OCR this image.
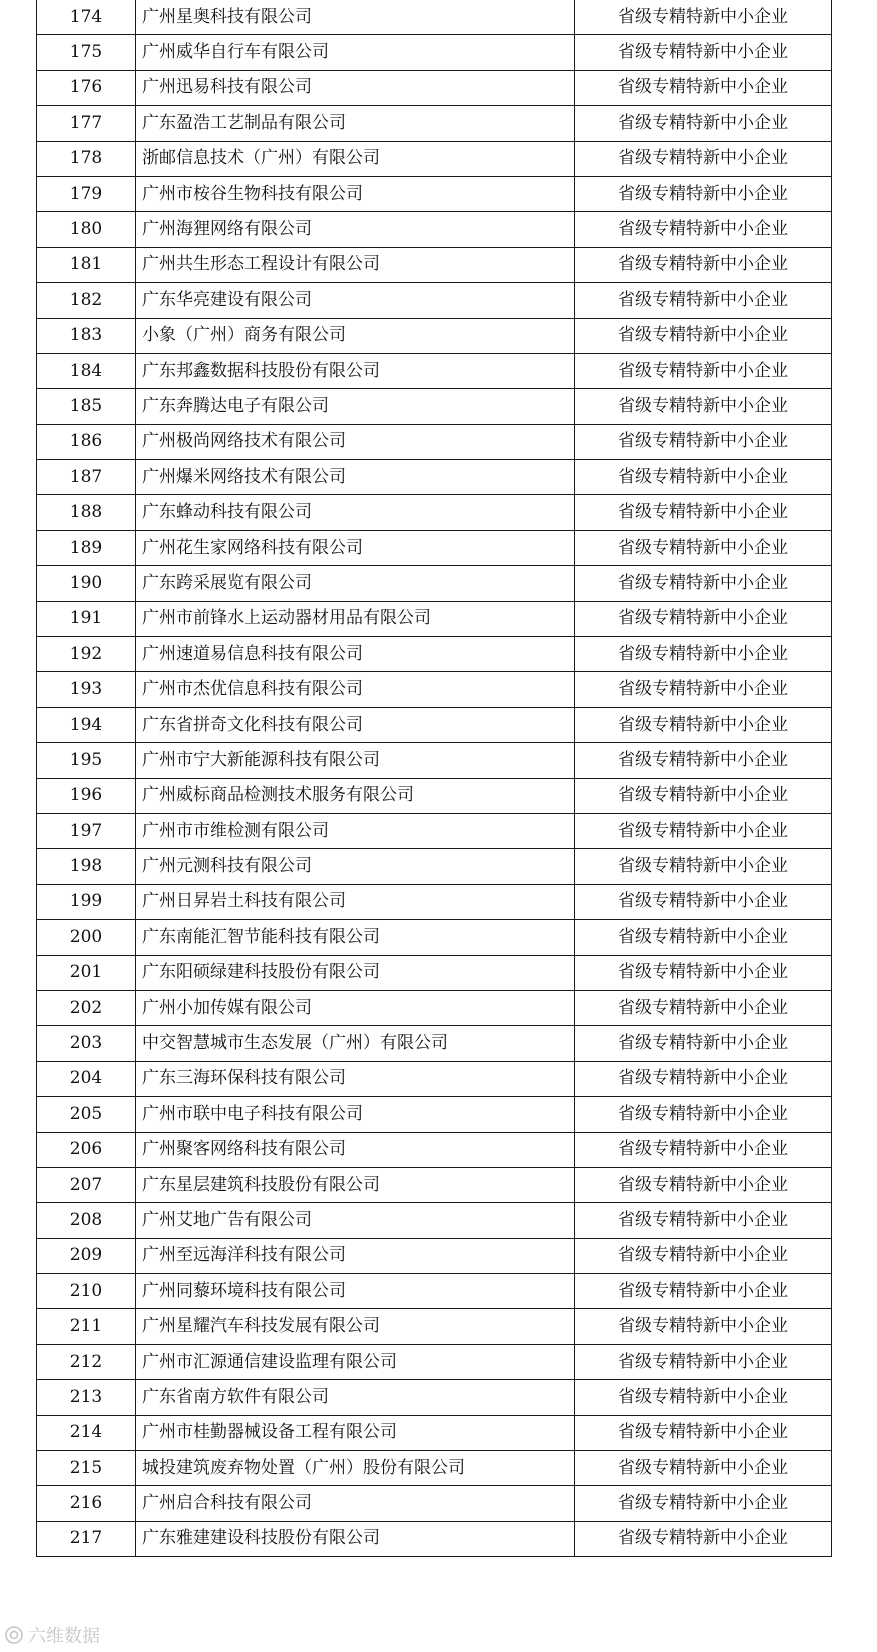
174	广州星奥科技有限公司	省级专精特新中小企业
175	广州威华自行车有限公司	省级专精特新中小企业
176	广州迅易科技有限公司	省级专精特新中小企业
177	广东盈浩工艺制品有限公司	省级专精特新中小企业
178	浙邮信息技术（广州）有限公司	省级专精特新中小企业
179	广州市桉谷生物科技有限公司	省级专精特新中小企业
180	广州海狸网络有限公司	省级专精特新中小企业
181	广州共生形态工程设计有限公司	省级专精特新中小企业
182	广东华亮建设有限公司	省级专精特新中小企业
183	小象（广州）商务有限公司	省级专精特新中小企业
184	广东邦鑫数据科技股份有限公司	省级专精特新中小企业
185	广东奔腾达电子有限公司	省级专精特新中小企业
186	广州极尚网络技术有限公司	省级专精特新中小企业
187	广州爆米网络技术有限公司	省级专精特新中小企业
188	广东蜂动科技有限公司	省级专精特新中小企业
189	广州花生家网络科技有限公司	省级专精特新中小企业
190	广东跨采展览有限公司	省级专精特新中小企业
191	广州市前锋水上运动器材用品有限公司	省级专精特新中小企业
192	广州速道易信息科技有限公司	省级专精特新中小企业
193	广州市杰优信息科技有限公司	省级专精特新中小企业
194	广东省拼奇文化科技有限公司	省级专精特新中小企业
195	广州市宁大新能源科技有限公司	省级专精特新中小企业
196	广州威标商品检测技术服务有限公司	省级专精特新中小企业
197	广州市市维检测有限公司	省级专精特新中小企业
198	广州元测科技有限公司	省级专精特新中小企业
199	广州日昇岩土科技有限公司	省级专精特新中小企业
200	广东南能汇智节能科技有限公司	省级专精特新中小企业
201	广东阳硕绿建科技股份有限公司	省级专精特新中小企业
202	广州小加传媒有限公司	省级专精特新中小企业
203	中交智慧城市生态发展（广州）有限公司	省级专精特新中小企业
204	广东三海环保科技有限公司	省级专精特新中小企业
205	广州市联中电子科技有限公司	省级专精特新中小企业
206	广州聚客网络科技有限公司	省级专精特新中小企业
207	广东星层建筑科技股份有限公司	省级专精特新中小企业
208	广州艾地广告有限公司	省级专精特新中小企业
209	广州至远海洋科技有限公司	省级专精特新中小企业
210	广州同藜环境科技有限公司	省级专精特新中小企业
211	广州星耀汽车科技发展有限公司	省级专精特新中小企业
212	广州市汇源通信建设监理有限公司	省级专精特新中小企业
213	广东省南方软件有限公司	省级专精特新中小企业
214	广州市桂勤器械设备工程有限公司	省级专精特新中小企业
215	城投建筑废弃物处置（广州）股份有限公司	省级专精特新中小企业
216	广州启合科技有限公司	省级专精特新中小企业
217	广东雅建建设科技股份有限公司	省级专精特新中小企业
六维数据
